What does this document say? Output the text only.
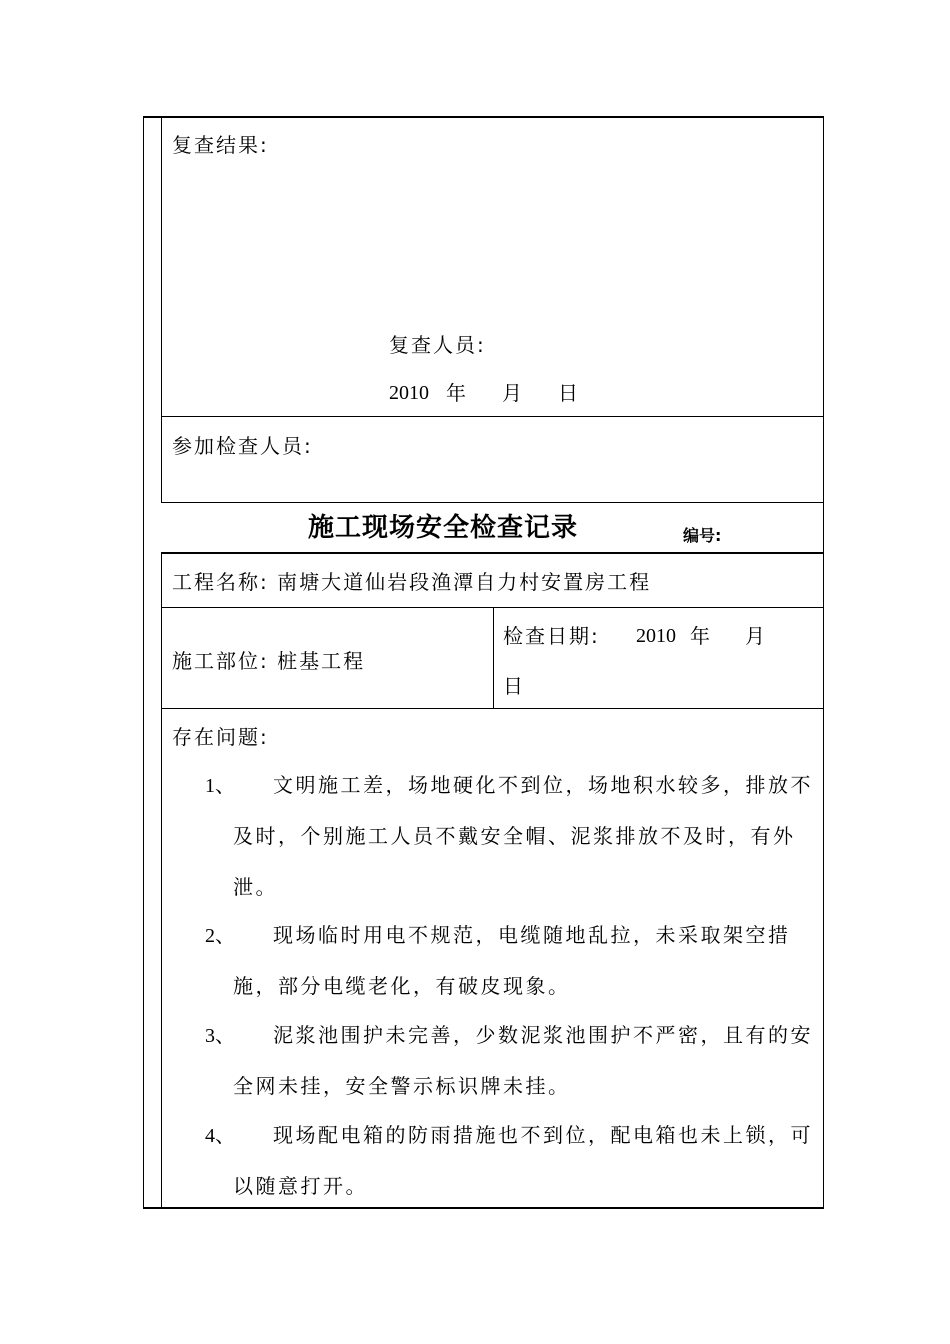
复查结果:
复查人员:
2010 年 月 日
参加检查人员:
施工现场安全检查记录	编号:
工程名称: 南塘大道仙岩段渔潭自力村安置房工程
施工部位: 桩基工程
检查日期: 2010 年 月
日
存在问题:
1、	文明施工差，场地硬化不到位，场地积水较多，排放不及时，个别施工人员不戴安全帽、泥浆排放不及时，有外泄。
2、	现场临时用电不规范，电缆随地乱拉，未采取架空措施，部分电缆老化，有破皮现象。
3、	泥浆池围护未完善，少数泥浆池围护不严密，且有的安全网未挂，安全警示标识牌未挂。
4、	现场配电箱的防雨措施也不到位，配电箱也未上锁，可以随意打开。
